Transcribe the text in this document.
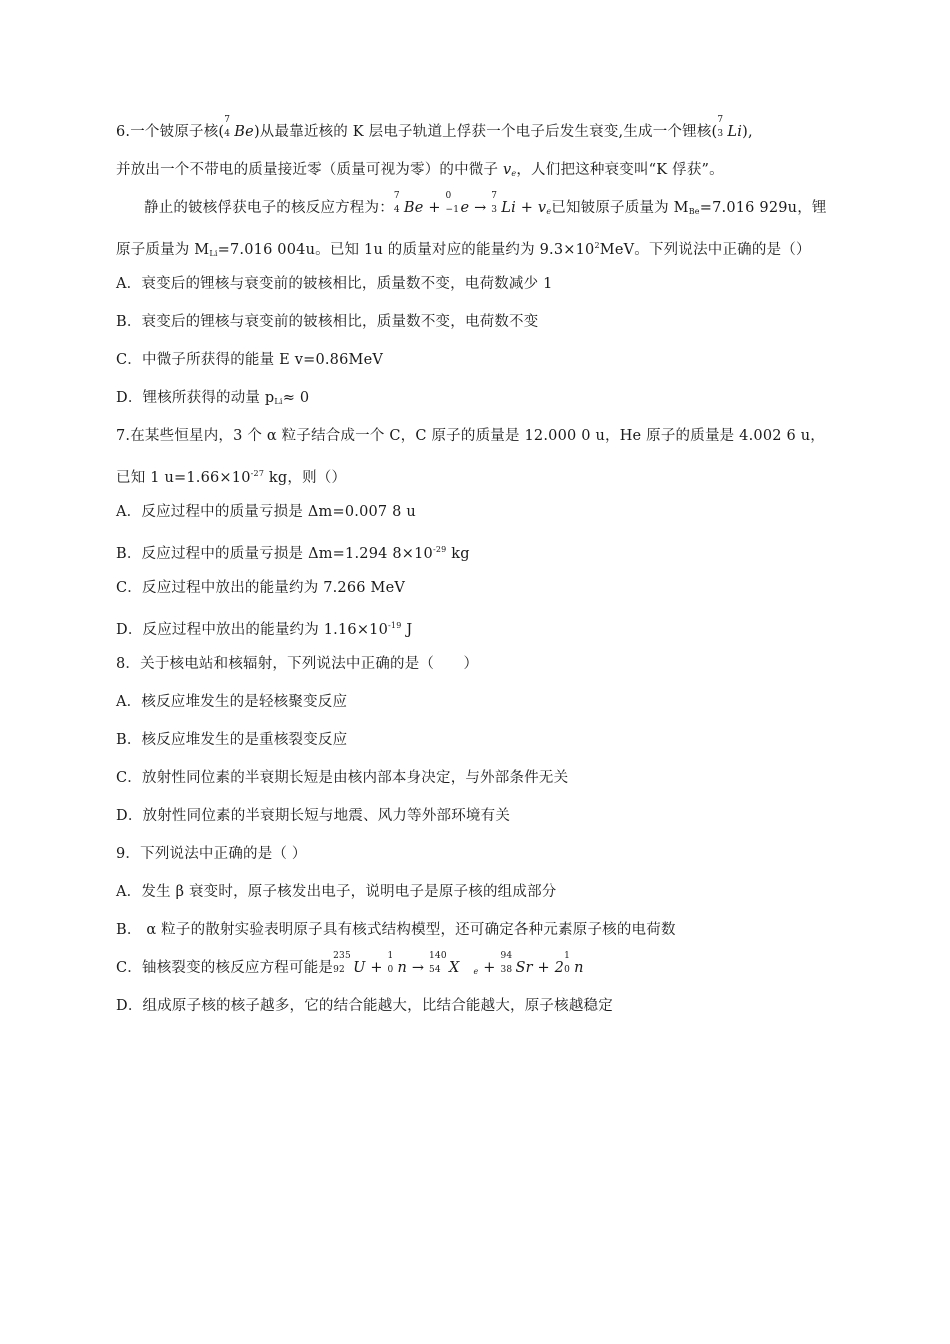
6.一个铍原子核(
7
4 Be)从最靠近核的 K 层电子轨道上俘获一个电子后发生衰变,生成一个锂核(
7
3 Li),
并放出一个不带电的质量接近零（质量可视为零）的中微子 $v_e$，人们把这种衰变叫“K 俘获”。
静止的铍核俘获电子的核反应方程为：
7
4 Be +
0
−1 e →
7
3 $Li + v_e$已知铍原子质量为 $M_{Be}=7.016$ 929u，锂
原子质量为 $M_{Li}=7.016$ 004u。已知 1u 的质量对应的能量约为 $9.3\times 10^2MeV$。下列说法中正确的是（）
A．衰变后的锂核与衰变前的铍核相比，质量数不变，电荷数减少 1
B．衰变后的锂核与衰变前的铍核相比，质量数不变，电荷数不变
C．中微子所获得的能量 E v=0.86MeV
D．锂核所获得的动量 $p_{Li}\approx 0$
7.在某些恒星内，3 个 α 粒子结合成一个 C，C 原子的质量是 12.000 0 u，He 原子的质量是 4.002 6 u，
已知 1 $u=1.66\times 10^{-27}$ kg，则（）
A．反应过程中的质量亏损是 Δm=0.007 8 u
B．反应过程中的质量亏损是 Δm=1.294 $8\times 10^{-29}$ kg
C．反应过程中放出的能量约为 7.266 MeV
D．反应过程中放出的能量约为 $1.16\times 10^{-19}$ J
8．关于核电站和核辐射，下列说法中正确的是（　　）
A．核反应堆发生的是轻核聚变反应
B．核反应堆发生的是重核裂变反应
C．放射性同位素的半衰期长短是由核内部本身决定，与外部条件无关
D．放射性同位素的半衰期长短与地震、风力等外部环境有关
9．下列说法中正确的是（ ）
A．发生 β 衰变时，原子核发出电子，说明电子是原子核的组成部分
B． α 粒子的散射实验表明原子具有核式结构模型，还可确定各种元素原子核的电荷数
C．铀核裂变的核反应方程可能是
235
92 U +
1
0 n →
140
54 X $_e$ +
94
38 Sr + 2
1
0 n
D．组成原子核的核子越多，它的结合能越大，比结合能越大，原子核越稳定
